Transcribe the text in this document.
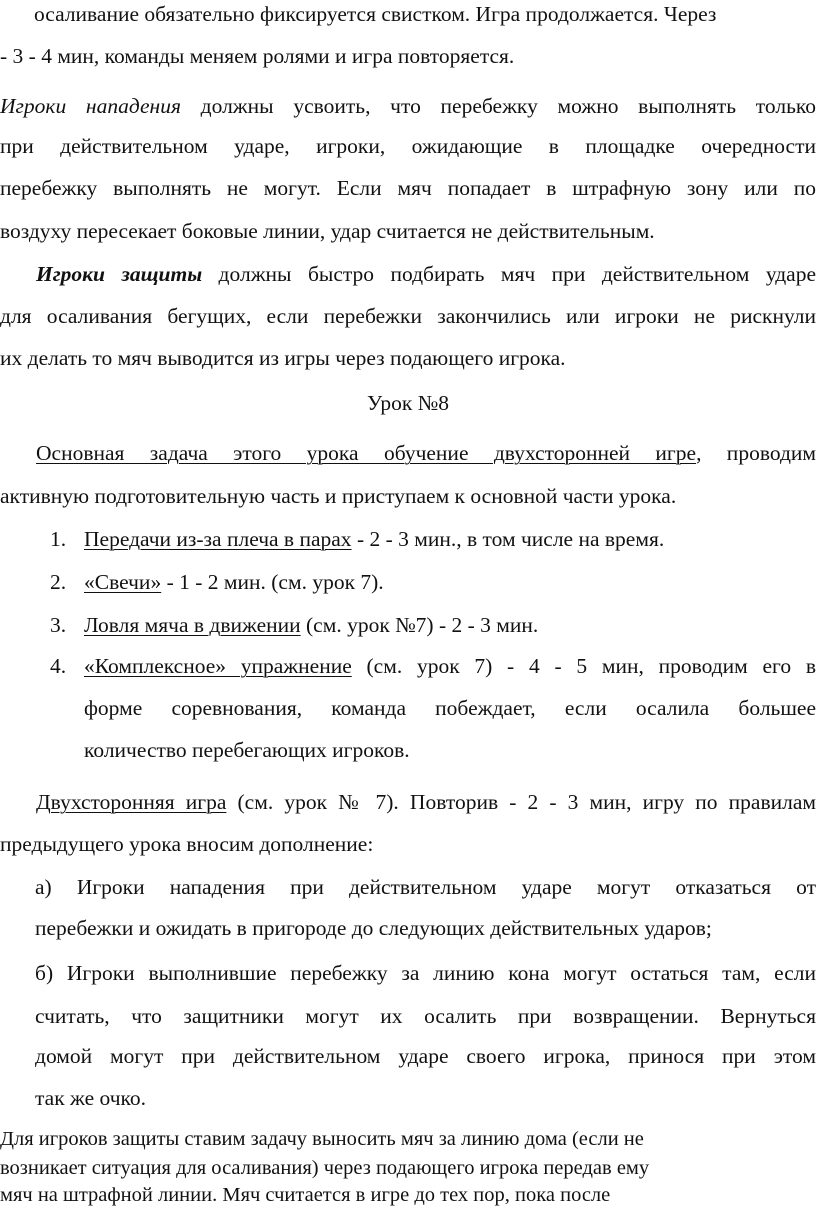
осаливание обязательно фиксируется свистком. Игра продолжается. Через
- 3 - 4 мин, команды меняем ролями и игра повторяется.
Игроки нападения должны усвоить, что перебежку можно выполнять только
при действительном ударе, игроки, ожидающие в площадке очередности
перебежку выполнять не могут. Если мяч попадает в штрафную зону или по
воздуху пересекает боковые линии, удар считается не действительным.
Игроки защиты должны быстро подбирать мяч при действительном ударе
для осаливания бегущих, если перебежки закончились или игроки не рискнули
их делать то мяч выводится из игры через подающего игрока.
Урок №8
Основная задача этого урока обучение двухсторонней игре, проводим
активную подготовительную часть и приступаем к основной части урока.
1. Передачи из-за плеча в парах - 2 - 3 мин., в том числе на время.
2. «Свечи» - 1 - 2 мин. (см. урок 7).
3. Ловля мяча в движении (см. урок №7) - 2 - 3 мин.
4. «Комплексное» упражнение (см. урок 7) - 4 - 5 мин, проводим его в
форме соревнования, команда побеждает, если осалила большее
количество перебегающих игроков.
Двухсторонняя игра (см. урок № 7). Повторив - 2 - 3 мин, игру по правилам
предыдущего урока вносим дополнение:
а) Игроки нападения при действительном ударе могут отказаться от
перебежки и ожидать в пригороде до следующих действительных ударов;
б) Игроки выполнившие перебежку за линию кона могут остаться там, если
считать, что защитники могут их осалить при возвращении. Вернуться
домой могут при действительном ударе своего игрока, принося при этом
так же очко.
Для игроков защиты ставим задачу выносить мяч за линию дома (если не
возникает ситуация для осаливания) через подающего игрока передав ему
мяч на штрафной линии. Мяч считается в игре до тех пор, пока после
